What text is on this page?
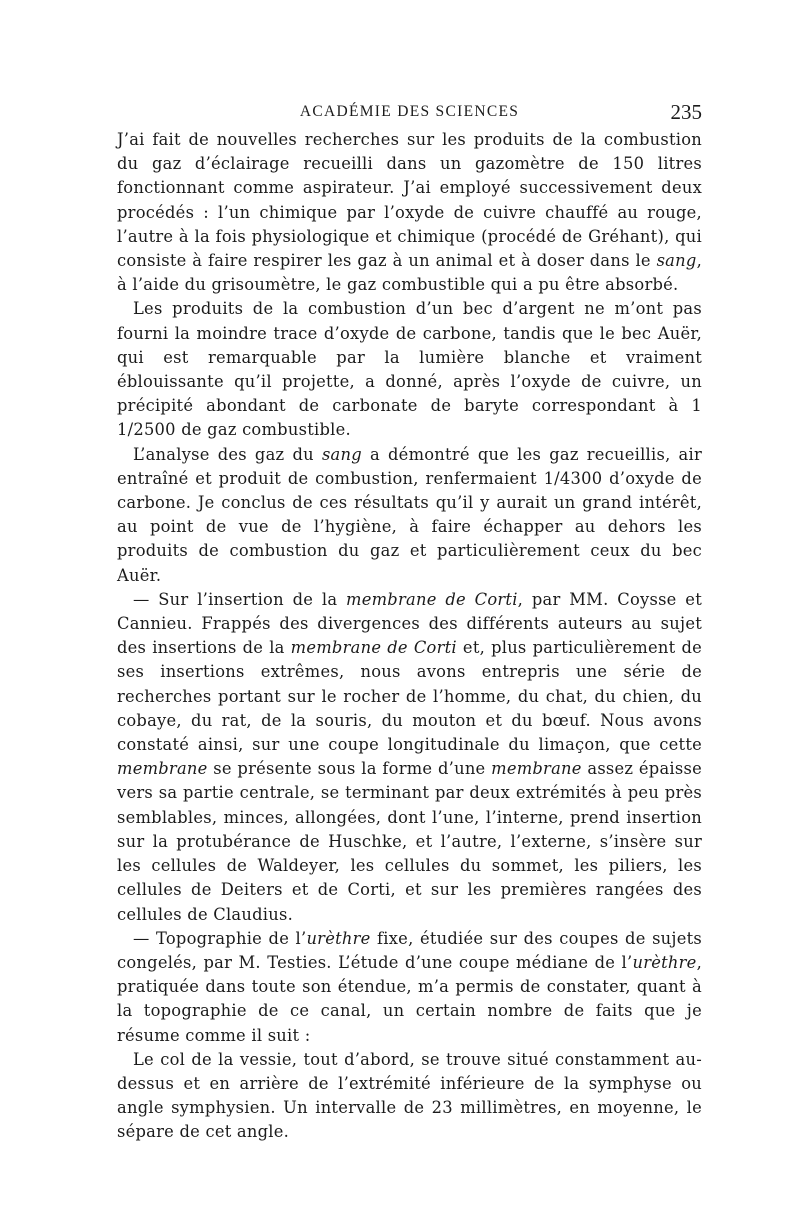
ACADÉMIE DES SCIENCES	235

J’ai fait de nouvelles recherches sur les produits de la combustion du gaz d’éclairage recueilli dans un gazomètre de 150 litres fonctionnant comme aspirateur. J’ai employé successivement deux procédés : l’un chimique par l’oxyde de cuivre chauffé au rouge, l’autre à la fois physiologique et chimique (procédé de Gréhant), qui consiste à faire respirer les gaz à un animal et à doser dans le sang, à l’aide du grisoumètre, le gaz combustible qui a pu être absorbé.

Les produits de la combustion d’un bec d’argent ne m’ont pas fourni la moindre trace d’oxyde de carbone, tandis que le bec Auër, qui est remarquable par la lumière blanche et vraiment éblouissante qu’il projette, a donné, après l’oxyde de cuivre, un précipité abondant de carbonate de baryte correspondant à 1 1/2500 de gaz combustible.

L’analyse des gaz du sang a démontré que les gaz recueillis, air entraîné et produit de combustion, renfermaient 1/4300 d’oxyde de carbone. Je conclus de ces résultats qu’il y aurait un grand intérêt, au point de vue de l’hygiène, à faire échapper au dehors les produits de combustion du gaz et particulièrement ceux du bec Auër.

— Sur l’insertion de la membrane de Corti, par MM. Coysse et Cannieu. Frappés des divergences des différents auteurs au sujet des insertions de la membrane de Corti et, plus particulièrement de ses insertions extrêmes, nous avons entrepris une série de recherches portant sur le rocher de l’homme, du chat, du chien, du cobaye, du rat, de la souris, du mouton et du bœuf. Nous avons constaté ainsi, sur une coupe longitudinale du limaçon, que cette membrane se présente sous la forme d’une membrane assez épaisse vers sa partie centrale, se terminant par deux extrémités à peu près semblables, minces, allongées, dont l’une, l’interne, prend insertion sur la protubérance de Huschke, et l’autre, l’externe, s’insère sur les cellules de Waldeyer, les cellules du sommet, les piliers, les cellules de Deiters et de Corti, et sur les premières rangées des cellules de Claudius.

— Topographie de l’urèthre fixe, étudiée sur des coupes de sujets congelés, par M. Testies. L’étude d’une coupe médiane de l’urèthre, pratiquée dans toute son étendue, m’a permis de constater, quant à la topographie de ce canal, un certain nombre de faits que je résume comme il suit :

Le col de la vessie, tout d’abord, se trouve situé constamment au-dessus et en arrière de l’extrémité inférieure de la symphyse ou angle symphysien. Un intervalle de 23 millimètres, en moyenne, le sépare de cet angle.
